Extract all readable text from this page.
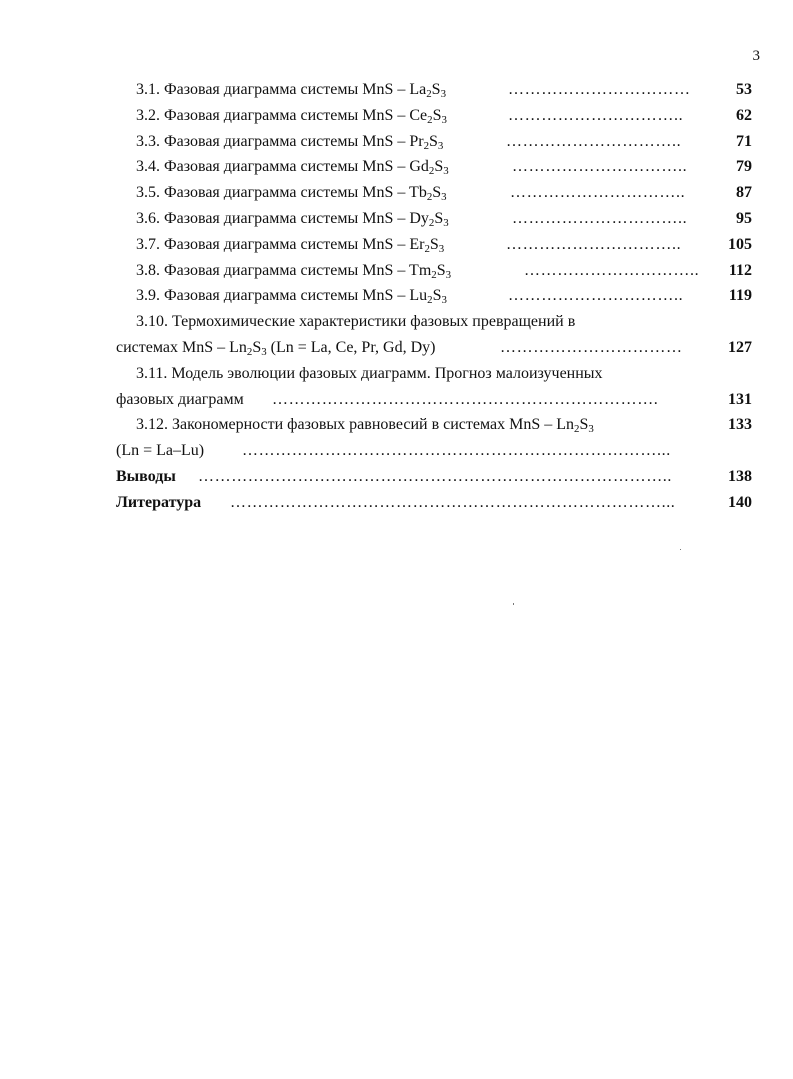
3
3.1. Фазовая диаграмма системы MnS – $La_2S_3$	……………………………	53
3.2. Фазовая диаграмма системы MnS – $Ce_2S_3$	…………………………..	62
3.3. Фазовая диаграмма системы MnS – $Pr_2S_3$	…………………………..	71
3.4. Фазовая диаграмма системы MnS – $Gd_2S_3$	…………………………..	79
3.5. Фазовая диаграмма системы MnS – $Tb_2S_3$	…………………………..	87
3.6. Фазовая диаграмма системы MnS – $Dy_2S_3$	…………………………..	95
3.7. Фазовая диаграмма системы MnS – $Er_2S_3$	…………………………..	105
3.8. Фазовая диаграмма системы MnS – $Tm_2S_3$	…………………………..	112
3.9. Фазовая диаграмма системы MnS – $Lu_2S_3$	…………………………..	119
3.10. Термохимические характеристики фазовых превращений в
системах MnS – $Ln_2S_3$ (Ln = La, Ce, Pr, Gd, Dy)	……………………………	127
3.11. Модель эволюции фазовых диаграмм. Прогноз малоизученных
фазовых диаграмм …………………………………………………………….	131
3.12. Закономерности фазовых равновесий в системах MnS – $Ln_2S_3$	133
(Ln = La–Lu) …………………………………………………………………...
Выводы …………………………………………………………………………..	138
Литература ……………………………………………………………………...	140
